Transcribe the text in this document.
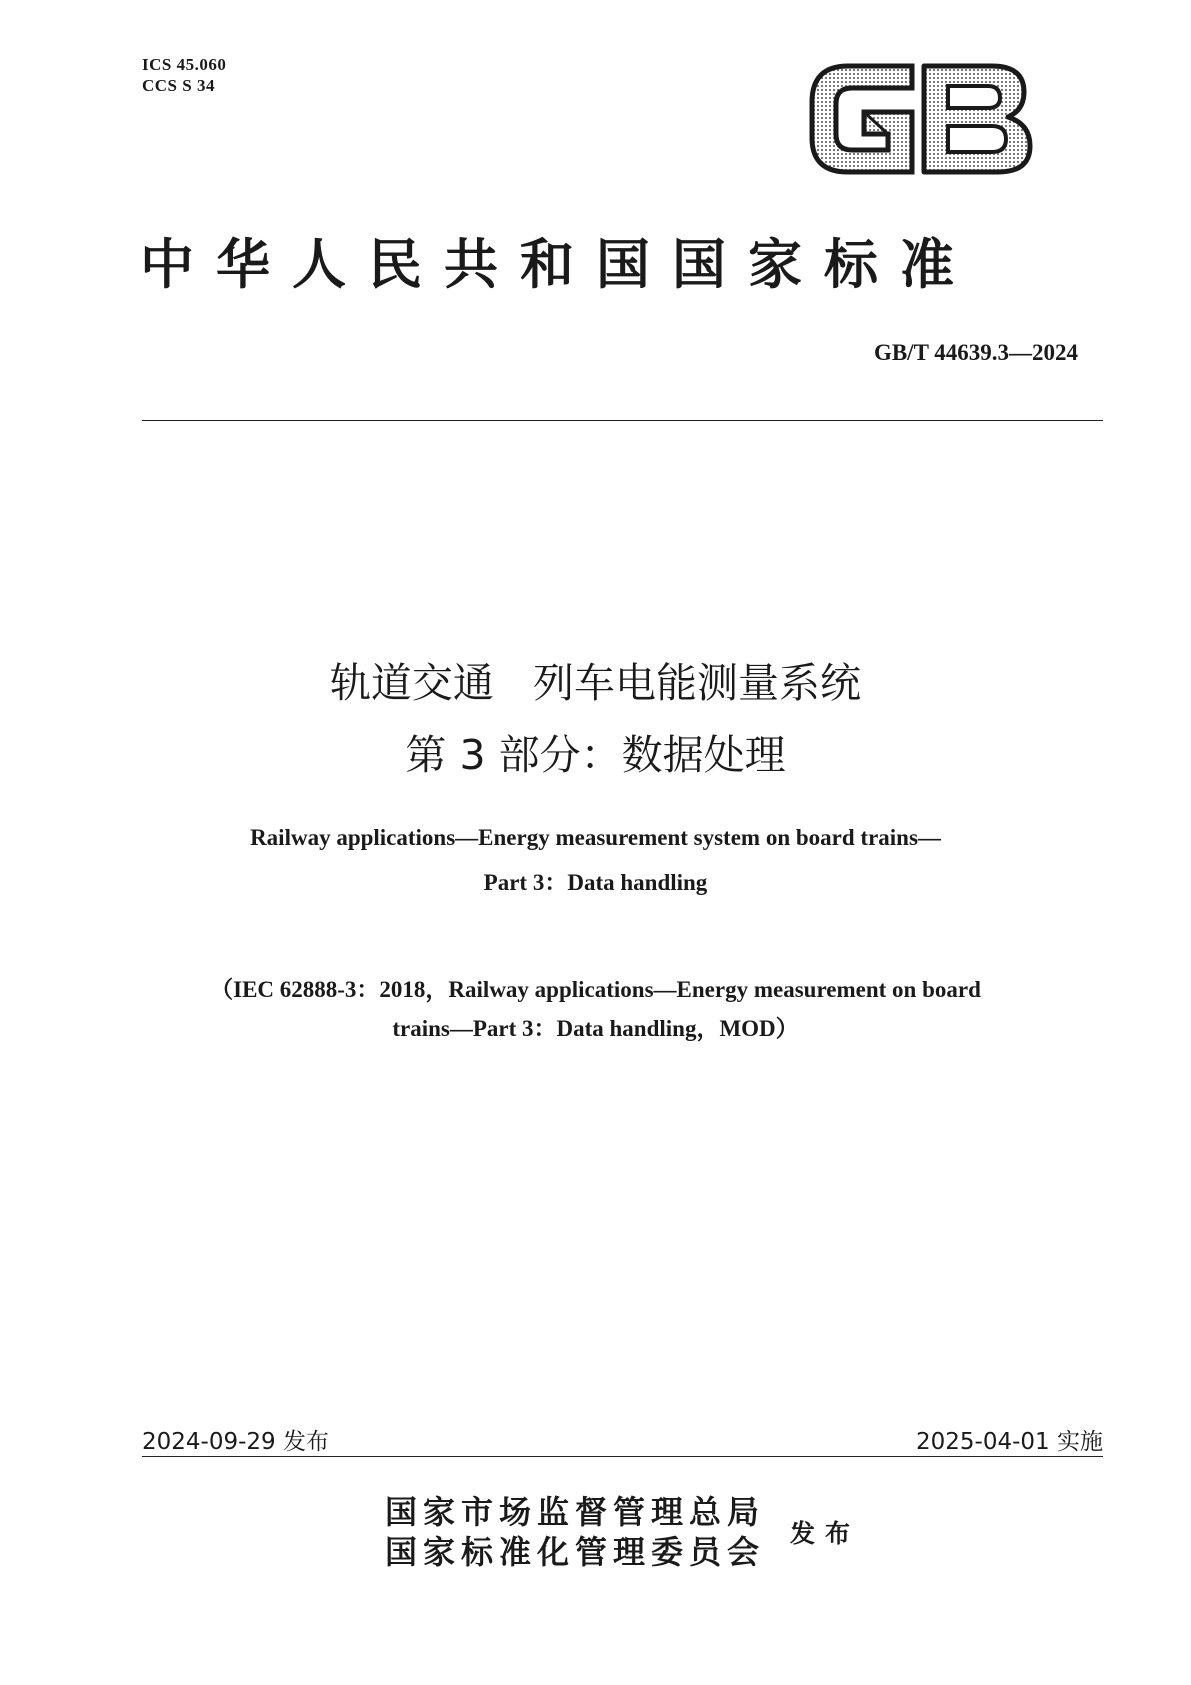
ICS 45.060
CCS S 34
中华人民共和国国家标准
GB/T 44639.3—2024
轨道交通   列车电能测量系统
第 3 部分：数据处理
Railway applications—Energy measurement system on board trains—
Part 3：Data handling
（IEC 62888-3：2018，Railway applications—Energy measurement on board
trains—Part 3：Data handling，MOD）
2024-09-29 发布	2025-04-01 实施
国家市场监督管理总局
国家标准化管理委员会 发布
